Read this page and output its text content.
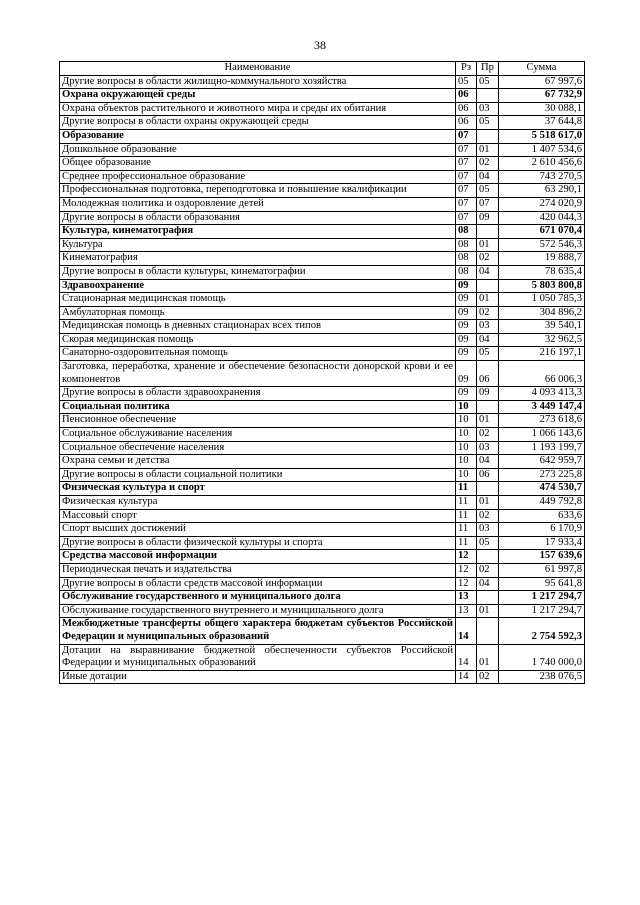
38
Наименование	Рз	Пр	Сумма
Другие вопросы в области жилищно-коммунального хозяйства	05	05	67 997,6
Охрана окружающей среды	06		67 732,9
Охрана объектов растительного и животного мира и среды их обитания	06	03	30 088,1
Другие вопросы в области охраны окружающей среды	06	05	37 644,8
Образование	07		5 518 617,0
Дошкольное образование	07	01	1 407 534,6
Общее образование	07	02	2 610 456,6
Среднее профессиональное образование	07	04	743 270,5
Профессиональная подготовка, переподготовка и повышение квалификации	07	05	63 290,1
Молодежная политика и оздоровление детей	07	07	274 020,9
Другие вопросы в области образования	07	09	420 044,3
Культура, кинематография	08		671 070,4
Культура	08	01	572 546,3
Кинематография	08	02	19 888,7
Другие вопросы в области культуры, кинематографии	08	04	78 635,4
Здравоохранение	09		5 803 800,8
Стационарная медицинская помощь	09	01	1 050 785,3
Амбулаторная помощь	09	02	304 896,2
Медицинская помощь в дневных стационарах всех типов	09	03	39 540,1
Скорая медицинская помощь	09	04	32 962,5
Санаторно-оздоровительная помощь	09	05	216 197,1
Заготовка, переработка, хранение и обеспечение безопасности донорской крови и ее компонентов	09	06	66 006,3
Другие вопросы в области здравоохранения	09	09	4 093 413,3
Социальная политика	10		3 449 147,4
Пенсионное обеспечение	10	01	273 618,6
Социальное обслуживание населения	10	02	1 066 143,6
Социальное обеспечение населения	10	03	1 193 199,7
Охрана семьи и детства	10	04	642 959,7
Другие вопросы в области социальной политики	10	06	273 225,8
Физическая культура и спорт	11		474 530,7
Физическая культура	11	01	449 792,8
Массовый спорт	11	02	633,6
Спорт высших достижений	11	03	6 170,9
Другие вопросы в области физической культуры и спорта	11	05	17 933,4
Средства массовой информации	12		157 639,6
Периодическая печать и издательства	12	02	61 997,8
Другие вопросы в области средств массовой информации	12	04	95 641,8
Обслуживание государственного и муниципального долга	13		1 217 294,7
Обслуживание государственного внутреннего и муниципального долга	13	01	1 217 294,7
Межбюджетные трансферты общего характера бюджетам субъектов Российской Федерации и муниципальных образований	14		2 754 592,3
Дотации на выравнивание бюджетной обеспеченности субъектов Российской Федерации и муниципальных образований	14	01	1 740 000,0
Иные дотации	14	02	238 076,5
